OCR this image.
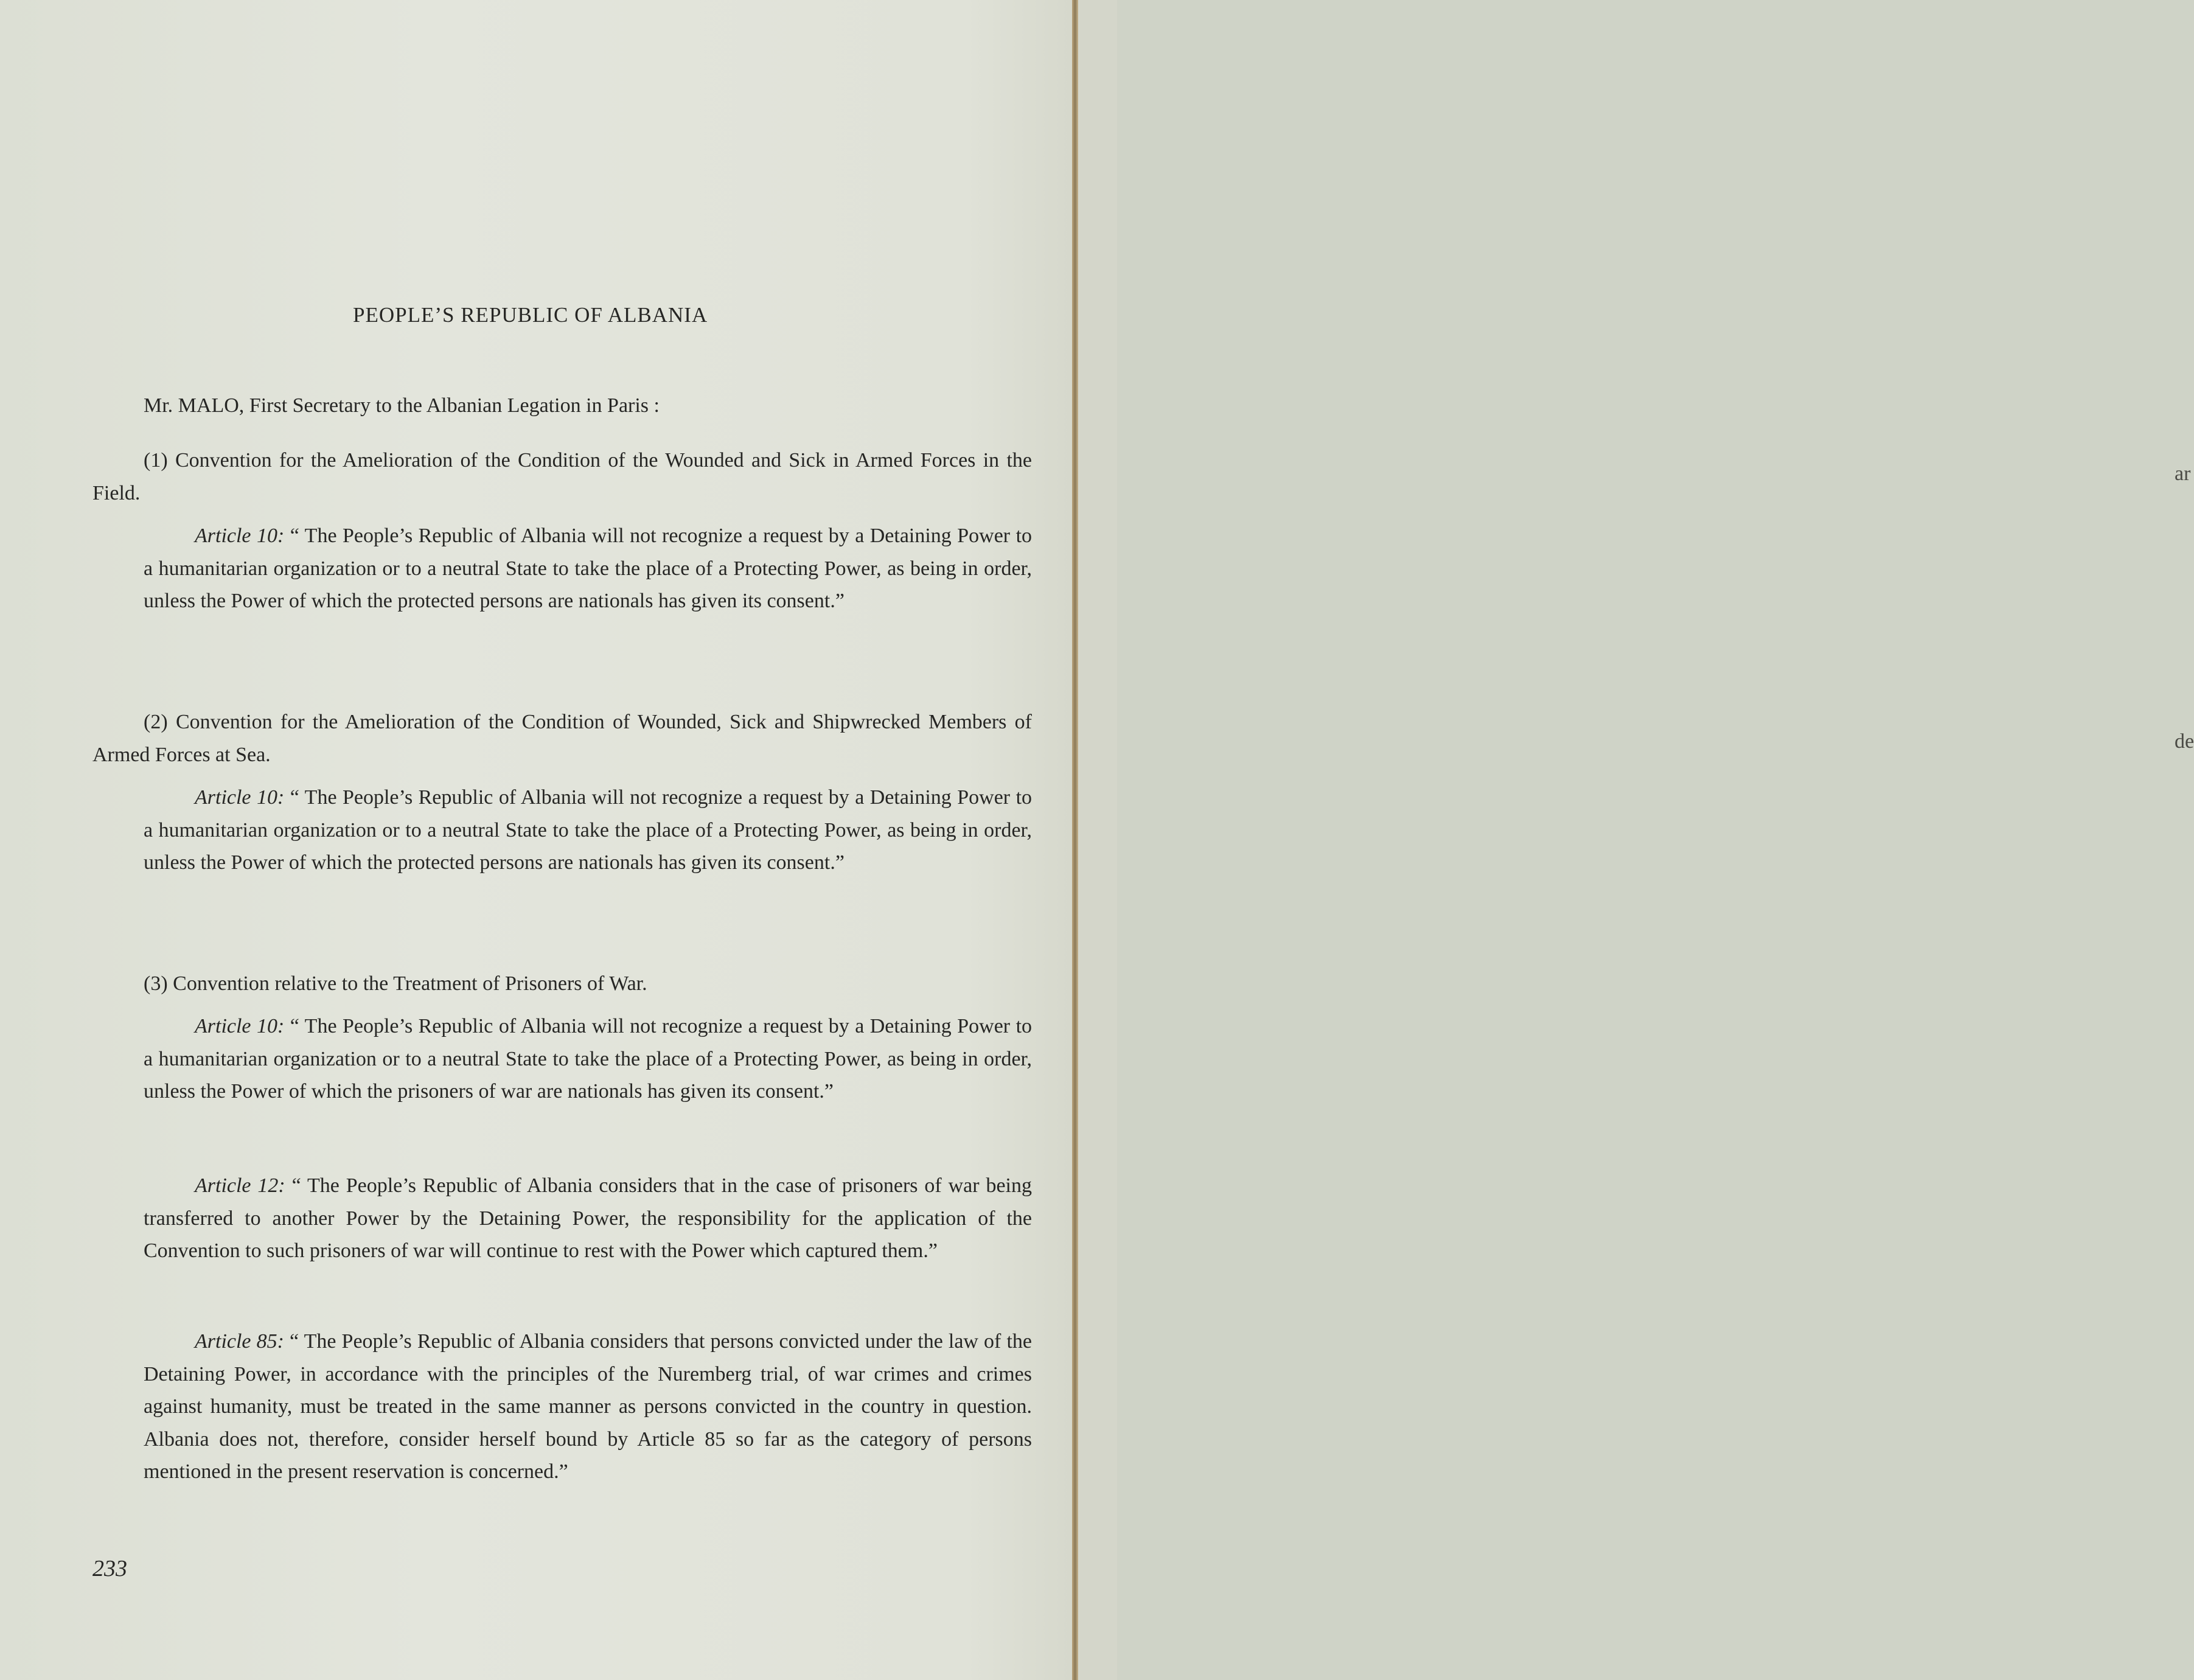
PEOPLE’S REPUBLIC OF ALBANIA

Mr. MALO, First Secretary to the Albanian Legation in Paris :

(1) Convention for the Amelioration of the Condition of the Wounded and Sick in Armed Forces in the Field.

Article 10: “ The People’s Republic of Albania will not recognize a request by a Detaining Power to a humanitarian organization or to a neutral State to take the place of a Protecting Power, as being in order, unless the Power of which the protected persons are nationals has given its consent.”

(2) Convention for the Amelioration of the Condition of Wounded, Sick and Shipwrecked Members of Armed Forces at Sea.

Article 10: “ The People’s Republic of Albania will not recognize a request by a Detaining Power to a humanitarian organization or to a neutral State to take the place of a Protecting Power, as being in order, unless the Power of which the protected persons are nationals has given its consent.”

(3) Convention relative to the Treatment of Prisoners of War.

Article 10: “ The People’s Republic of Albania will not recognize a request by a Detaining Power to a humanitarian organization or to a neutral State to take the place of a Protecting Power, as being in order, unless the Power of which the prisoners of war are nationals has given its consent.”

Article 12: “ The People’s Republic of Albania considers that in the case of prisoners of war being transferred to another Power by the Detaining Power, the responsibility for the application of the Convention to such prisoners of war will continue to rest with the Power which captured them.”

Article 85: “ The People’s Republic of Albania considers that persons convicted under the law of the Detaining Power, in accordance with the principles of the Nuremberg trial, of war crimes and crimes against humanity, must be treated in the same manner as persons convicted in the country in question. Albania does not, therefore, consider herself bound by Article 85 so far as the category of persons mentioned in the present reservation is concerned.”

233
ar
de
